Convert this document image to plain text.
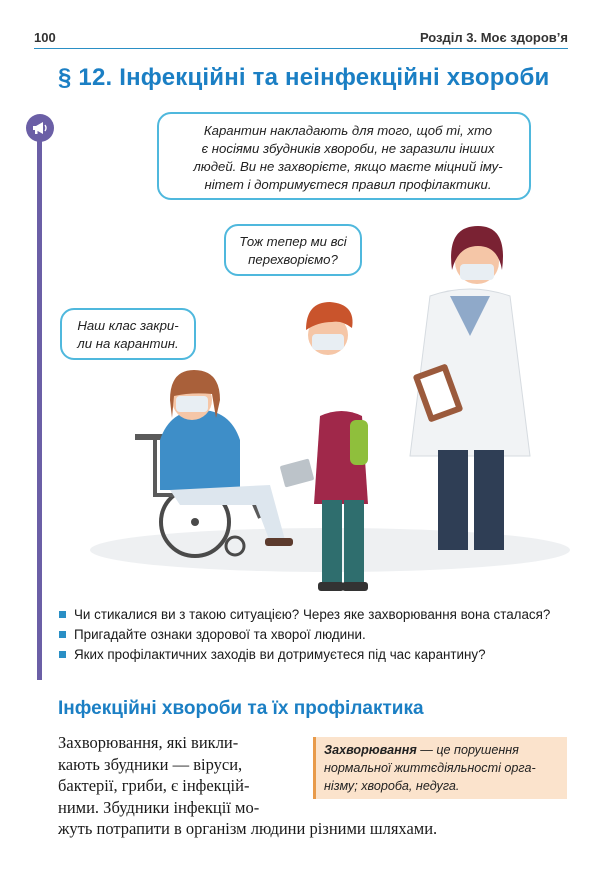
100	Розділ 3. Моє здоров’я
§ 12. Інфекційні та неінфекційні хвороби
Карантин накладають для того, щоб ті, хто
є носіями збудників хвороби, не заразили інших
людей. Ви не захворієте, якщо маєте міцний іму-
нітет і дотримуєтеся правил профілактики.
Тож тепер ми всі
перехворіємо?
Наш клас закри-
ли на карантин.
Чи стикалися ви з такою ситуацією? Через яке захворювання вона сталася?
Пригадайте ознаки здорової та хворої людини.
Яких профілактичних заходів ви дотримуєтеся під час карантину?
Інфекційні хвороби та їх профілактика
Захворювання, які викли-
кають збудники — віруси,
бактерії, гриби, є інфекцій-
ними. Збудники інфекції мо-
жуть потрапити в організм людини різними шляхами.
Захворювання — це порушення
нормальної життєдіяльності орга-
нізму; хвороба, недуга.
